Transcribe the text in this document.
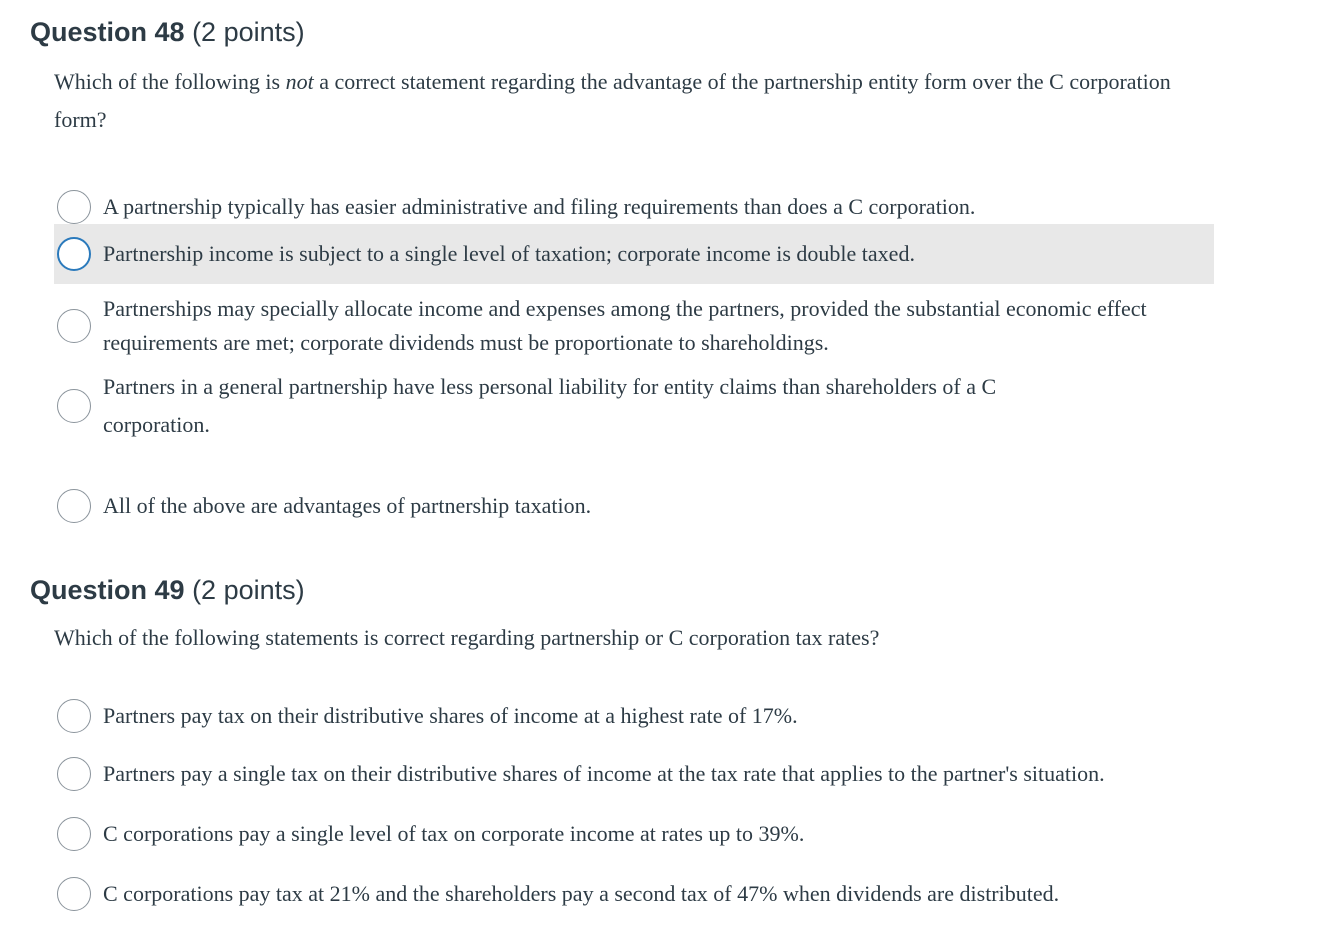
Question 48 (2 points)

Which of the following is not a correct statement regarding the advantage of the partnership entity form over the C corporation form?

A partnership typically has easier administrative and filing requirements than does a C corporation.
Partnership income is subject to a single level of taxation; corporate income is double taxed.
Partnerships may specially allocate income and expenses among the partners, provided the substantial economic effect requirements are met; corporate dividends must be proportionate to shareholdings.
Partners in a general partnership have less personal liability for entity claims than shareholders of a C corporation.
All of the above are advantages of partnership taxation.
Question 49 (2 points)

Which of the following statements is correct regarding partnership or C corporation tax rates?

Partners pay tax on their distributive shares of income at a highest rate of 17%.
Partners pay a single tax on their distributive shares of income at the tax rate that applies to the partner's situation.
C corporations pay a single level of tax on corporate income at rates up to 39%.
C corporations pay tax at 21% and the shareholders pay a second tax of 47% when dividends are distributed.
